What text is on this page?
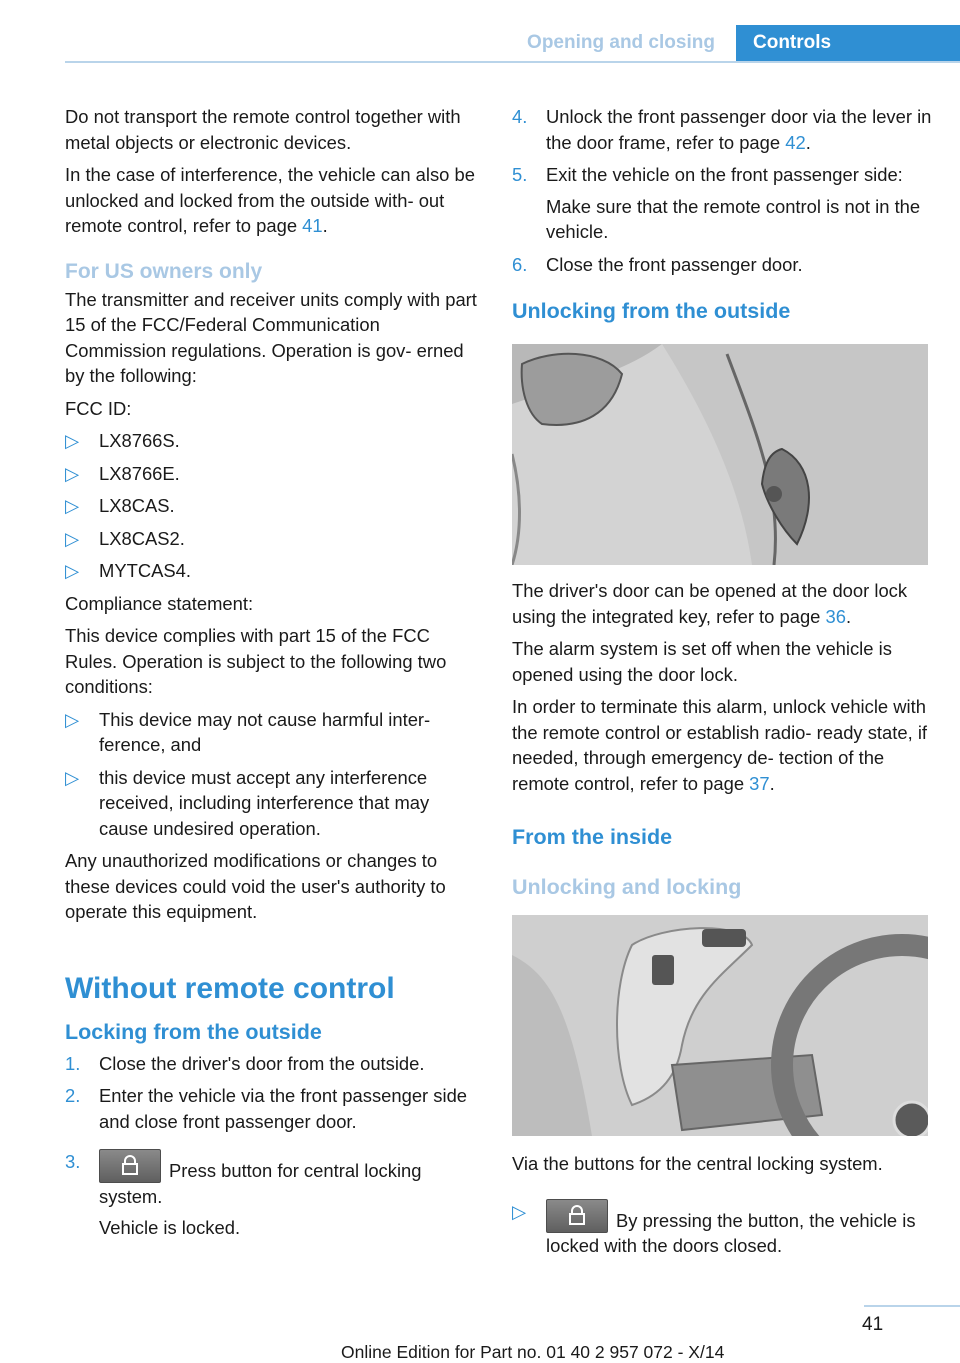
Opening and closing	Controls

Do not transport the remote control together with metal objects or electronic devices.

In the case of interference, the vehicle can also be unlocked and locked from the outside with‐ out remote control, refer to page 41.

For US owners only

The transmitter and receiver units comply with part 15 of the FCC/Federal Communication Commission regulations. Operation is gov‐ erned by the following:

FCC ID:

▷	LX8766S.
▷	LX8766E.
▷	LX8CAS.
▷	LX8CAS2.
▷	MYTCAS4.

Compliance statement:

This device complies with part 15 of the FCC Rules. Operation is subject to the following two conditions:

▷	This device may not cause harmful inter‐ ference, and
▷	this device must accept any interference received, including interference that may cause undesired operation.

Any unauthorized modifications or changes to these devices could void the user's authority to operate this equipment.

Without remote control
Locking from the outside
1.	Close the driver's door from the outside.
2.	Enter the vehicle via the front passenger side and close front passenger door.
3.	Press button for central locking system.
Vehicle is locked.
4.	Unlock the front passenger door via the lever in the door frame, refer to page 42.
5.	Exit the vehicle on the front passenger side:
Make sure that the remote control is not in the vehicle.
6.	Close the front passenger door.
Unlocking from the outside

The driver's door can be opened at the door lock using the integrated key, refer to page 36.

The alarm system is set off when the vehicle is opened using the door lock.

In order to terminate this alarm, unlock vehicle with the remote control or establish radio- ready state, if needed, through emergency de‐ tection of the remote control, refer to page 37.

From the inside
Unlocking and locking

Via the buttons for the central locking system.

▷	By pressing the button, the vehicle is locked with the doors closed.
41
Online Edition for Part no. 01 40 2 957 072 - X/14
